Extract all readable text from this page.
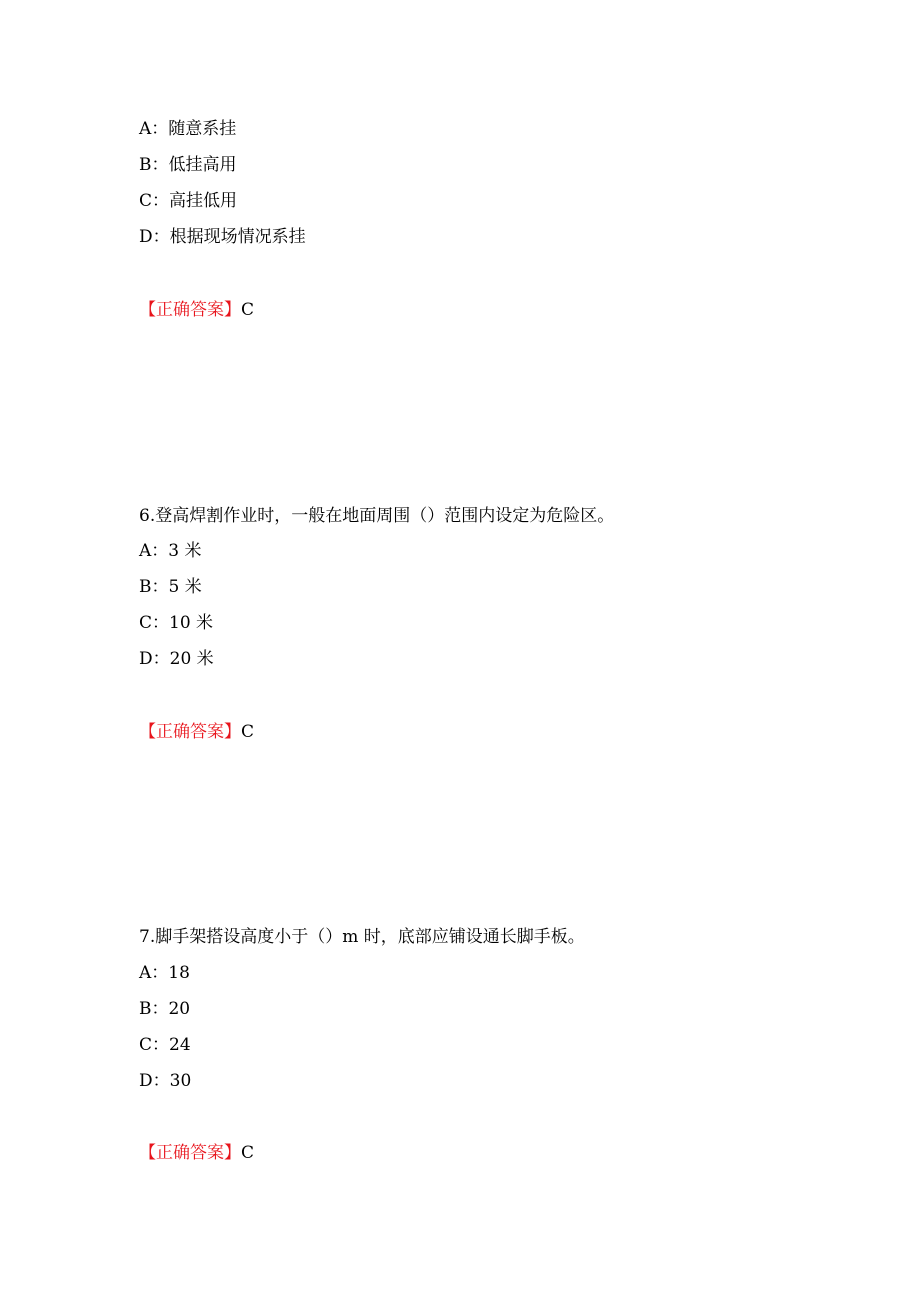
A：随意系挂
B：低挂高用
C：高挂低用
D：根据现场情况系挂
【正确答案】C
6.登高焊割作业时，一般在地面周围（）范围内设定为危险区。
A：3 米
B：5 米
C：10 米
D：20 米
【正确答案】C
7.脚手架搭设高度小于（）m 时，底部应铺设通长脚手板。
A：18
B：20
C：24
D：30
【正确答案】C
